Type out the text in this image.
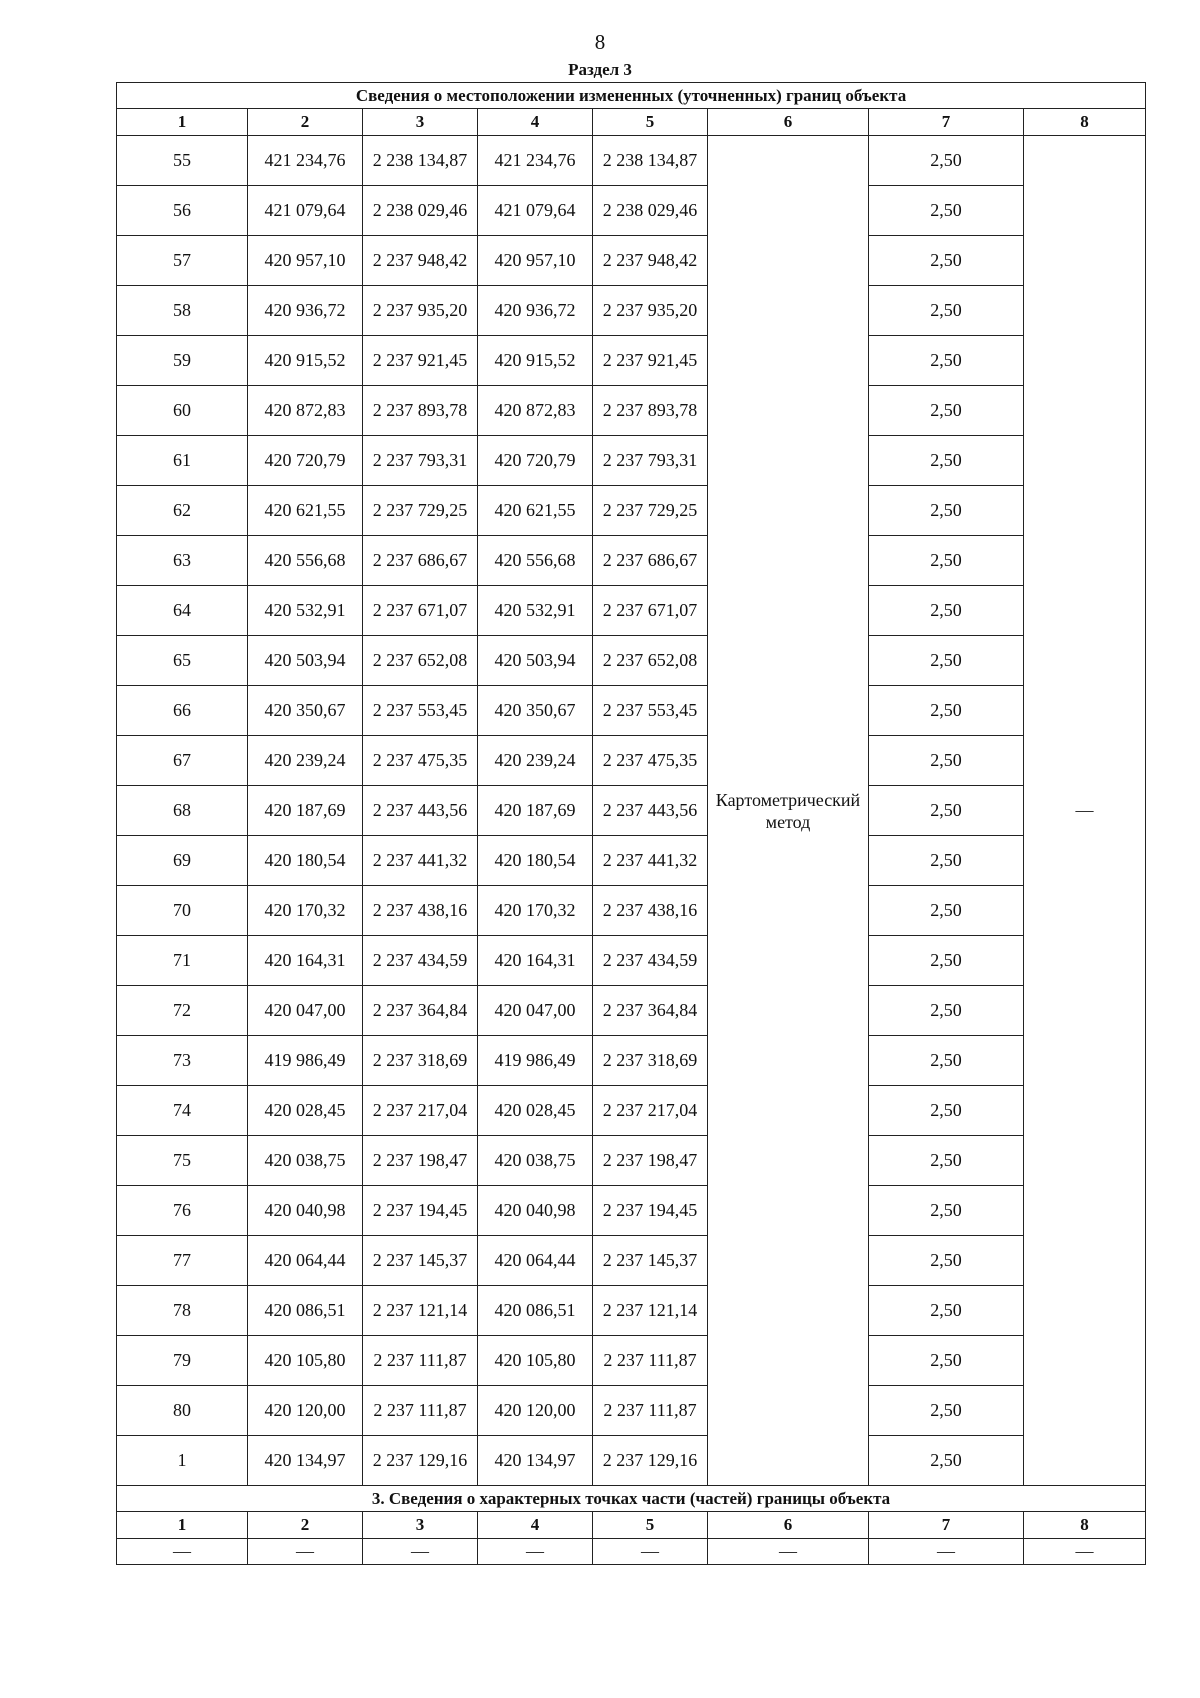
8
Раздел 3
Сведения о местоположении измененных (уточненных) границ объекта							
1	2	3	4	5	6	7	8
55	421 234,76	2 238 134,87	421 234,76	2 238 134,87	Картометрический метод	2,50	—
56	421 079,64	2 238 029,46	421 079,64	2 238 029,46		2,50	
57	420 957,10	2 237 948,42	420 957,10	2 237 948,42		2,50	
58	420 936,72	2 237 935,20	420 936,72	2 237 935,20		2,50	
59	420 915,52	2 237 921,45	420 915,52	2 237 921,45		2,50	
60	420 872,83	2 237 893,78	420 872,83	2 237 893,78		2,50	
61	420 720,79	2 237 793,31	420 720,79	2 237 793,31		2,50	
62	420 621,55	2 237 729,25	420 621,55	2 237 729,25		2,50	
63	420 556,68	2 237 686,67	420 556,68	2 237 686,67		2,50	
64	420 532,91	2 237 671,07	420 532,91	2 237 671,07		2,50	
65	420 503,94	2 237 652,08	420 503,94	2 237 652,08		2,50	
66	420 350,67	2 237 553,45	420 350,67	2 237 553,45		2,50	
67	420 239,24	2 237 475,35	420 239,24	2 237 475,35		2,50	
68	420 187,69	2 237 443,56	420 187,69	2 237 443,56		2,50	
69	420 180,54	2 237 441,32	420 180,54	2 237 441,32		2,50	
70	420 170,32	2 237 438,16	420 170,32	2 237 438,16		2,50	
71	420 164,31	2 237 434,59	420 164,31	2 237 434,59		2,50	
72	420 047,00	2 237 364,84	420 047,00	2 237 364,84		2,50	
73	419 986,49	2 237 318,69	419 986,49	2 237 318,69		2,50	
74	420 028,45	2 237 217,04	420 028,45	2 237 217,04		2,50	
75	420 038,75	2 237 198,47	420 038,75	2 237 198,47		2,50	
76	420 040,98	2 237 194,45	420 040,98	2 237 194,45		2,50	
77	420 064,44	2 237 145,37	420 064,44	2 237 145,37		2,50	
78	420 086,51	2 237 121,14	420 086,51	2 237 121,14		2,50	
79	420 105,80	2 237 111,87	420 105,80	2 237 111,87		2,50	
80	420 120,00	2 237 111,87	420 120,00	2 237 111,87		2,50	
1	420 134,97	2 237 129,16	420 134,97	2 237 129,16		2,50	
3. Сведения о характерных точках части (частей) границы объекта							
1	2	3	4	5	6	7	8
—	—	—	—	—	—	—	—
